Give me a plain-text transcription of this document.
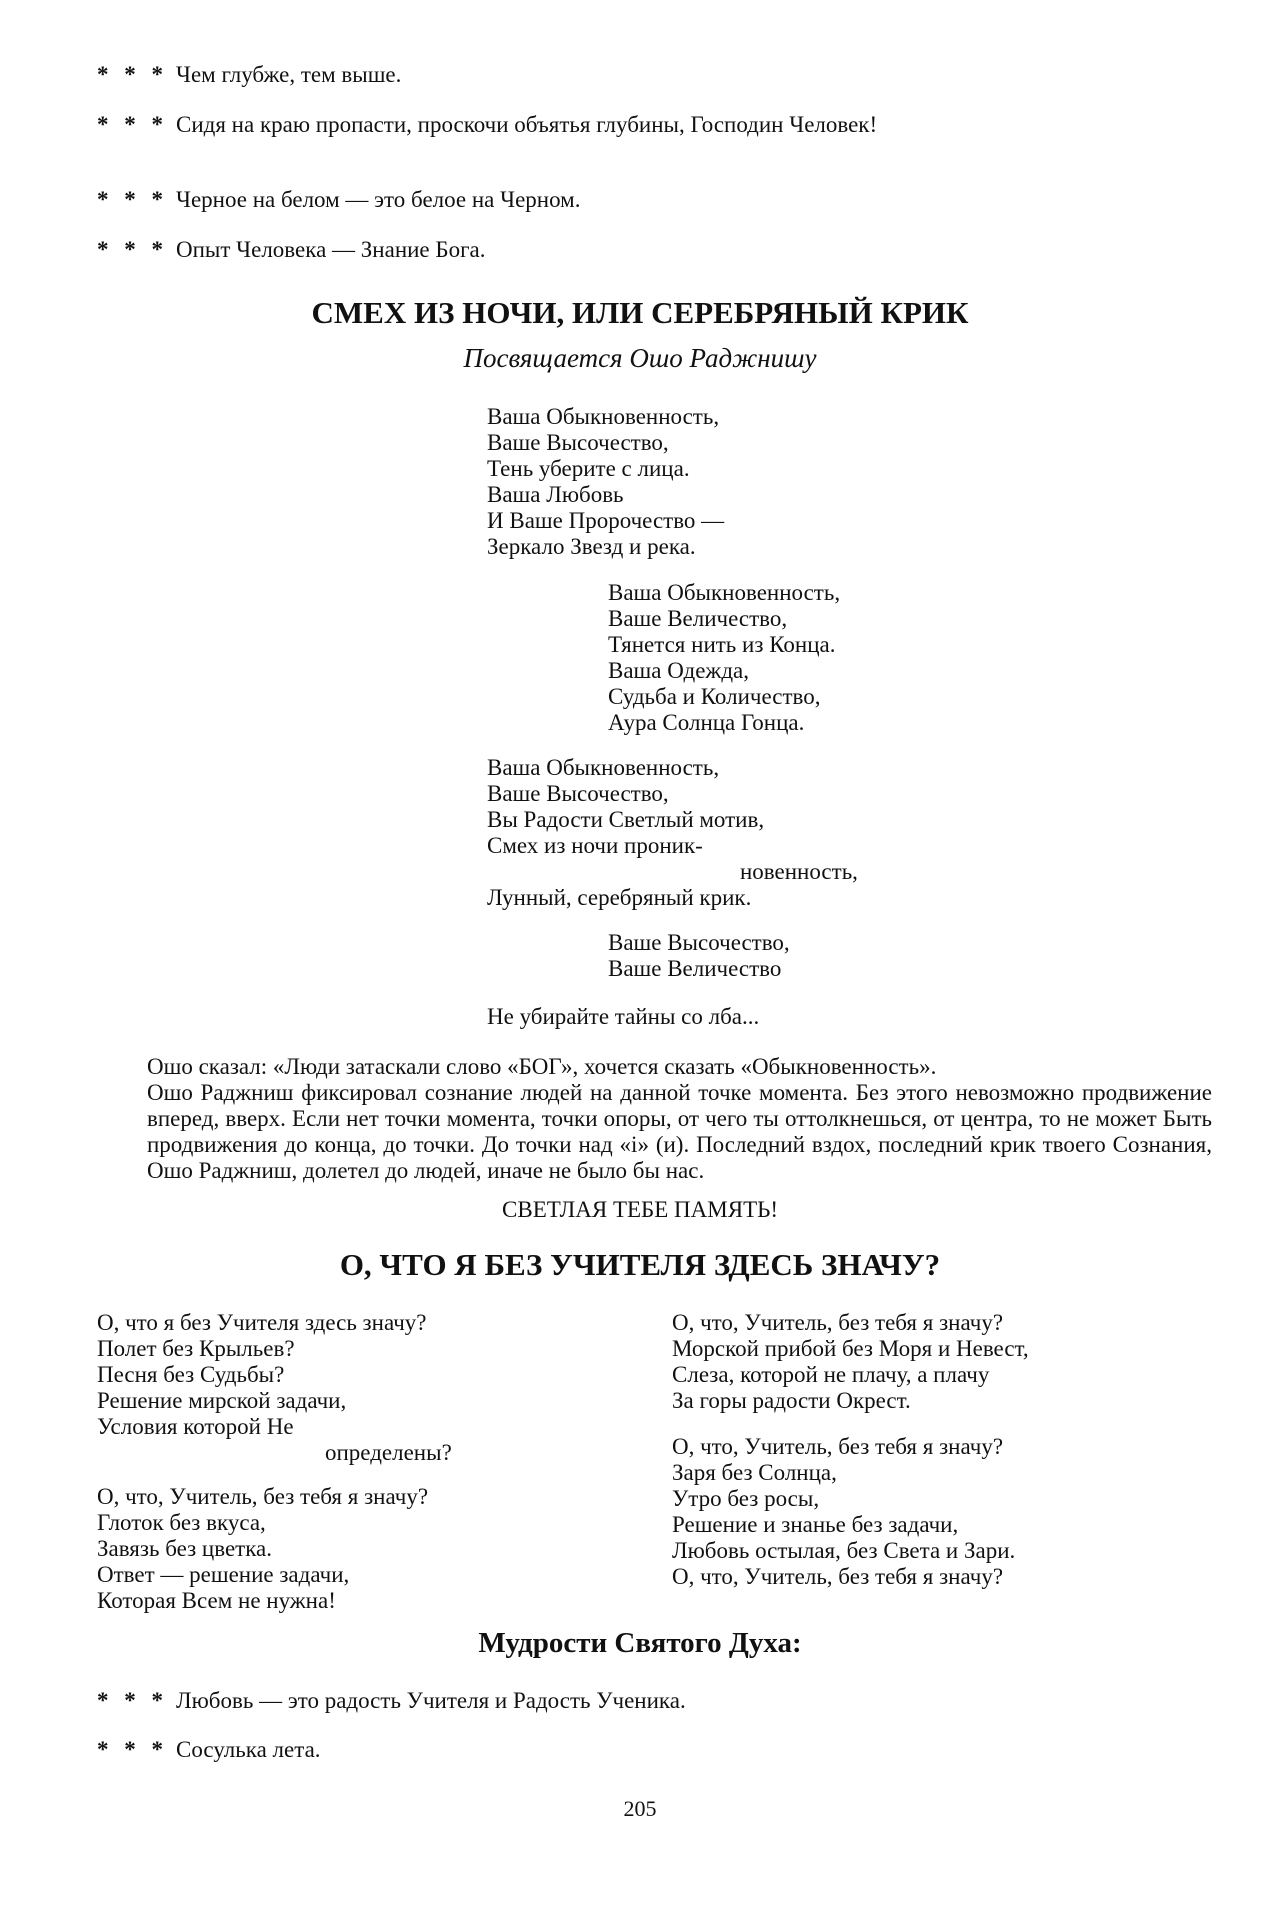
* * * Чем глубже, тем выше.
* * * Сидя на краю пропасти, проскочи объятья глубины, Господин Человек!
* * * Черное на белом — это белое на Черном.
* * * Опыт Человека — Знание Бога.
СМЕХ ИЗ НОЧИ, ИЛИ СЕРЕБРЯНЫЙ КРИК
Посвящается Ошо Раджнишу
Ваша Обыкновенность,
Ваше Высочество,
Тень уберите с лица.
Ваша Любовь
И Ваше Пророчество —
Зеркало Звезд и река.
Ваша Обыкновенность,
Ваше Величество,
Тянется нить из Конца.
Ваша Одежда,
Судьба и Количество,
Аура Солнца Гонца.
Ваша Обыкновенность,
Ваше Высочество,
Вы Радости Светлый мотив,
Смех из ночи проник-
новенность,
Лунный, серебряный крик.
Ваше Высочество,
Ваше Величество
Не убирайте тайны со лба...

Ошо сказал: «Люди затаскали слово «БОГ», хочется сказать «Обыкновенность».

Ошо Раджниш фиксировал сознание людей на данной точке момента. Без этого невозможно продвижение вперед, вверх. Если нет точки момента, точки опоры, от чего ты оттолкнешься, от центра, то не может Быть продвижения до конца, до точки. До точки над «і» (и). Последний вздох, последний крик твоего Сознания, Ошо Раджниш, долетел до людей, иначе не было бы нас.

СВЕТЛАЯ ТЕБЕ ПАМЯТЬ!
О, ЧТО Я БЕЗ УЧИТЕЛЯ ЗДЕСЬ ЗНАЧУ?
О, что я без Учителя здесь значу?
Полет без Крыльев?
Песня без Судьбы?
Решение мирской задачи,
Условия которой Не
определены?
О, что, Учитель, без тебя я значу?
Глоток без вкуса,
Завязь без цветка.
Ответ — решение задачи,
Которая Всем не нужна!
О, что, Учитель, без тебя я значу?
Морской прибой без Моря и Невест,
Слеза, которой не плачу, а плачу
За горы радости Окрест.
О, что, Учитель, без тебя я значу?
Заря без Солнца,
Утро без росы,
Решение и знанье без задачи,
Любовь остылая, без Света и Зари.
О, что, Учитель, без тебя я значу?
Мудрости Святого Духа:
* * * Любовь — это радость Учителя и Радость Ученика.
* * * Сосулька лета.
205
